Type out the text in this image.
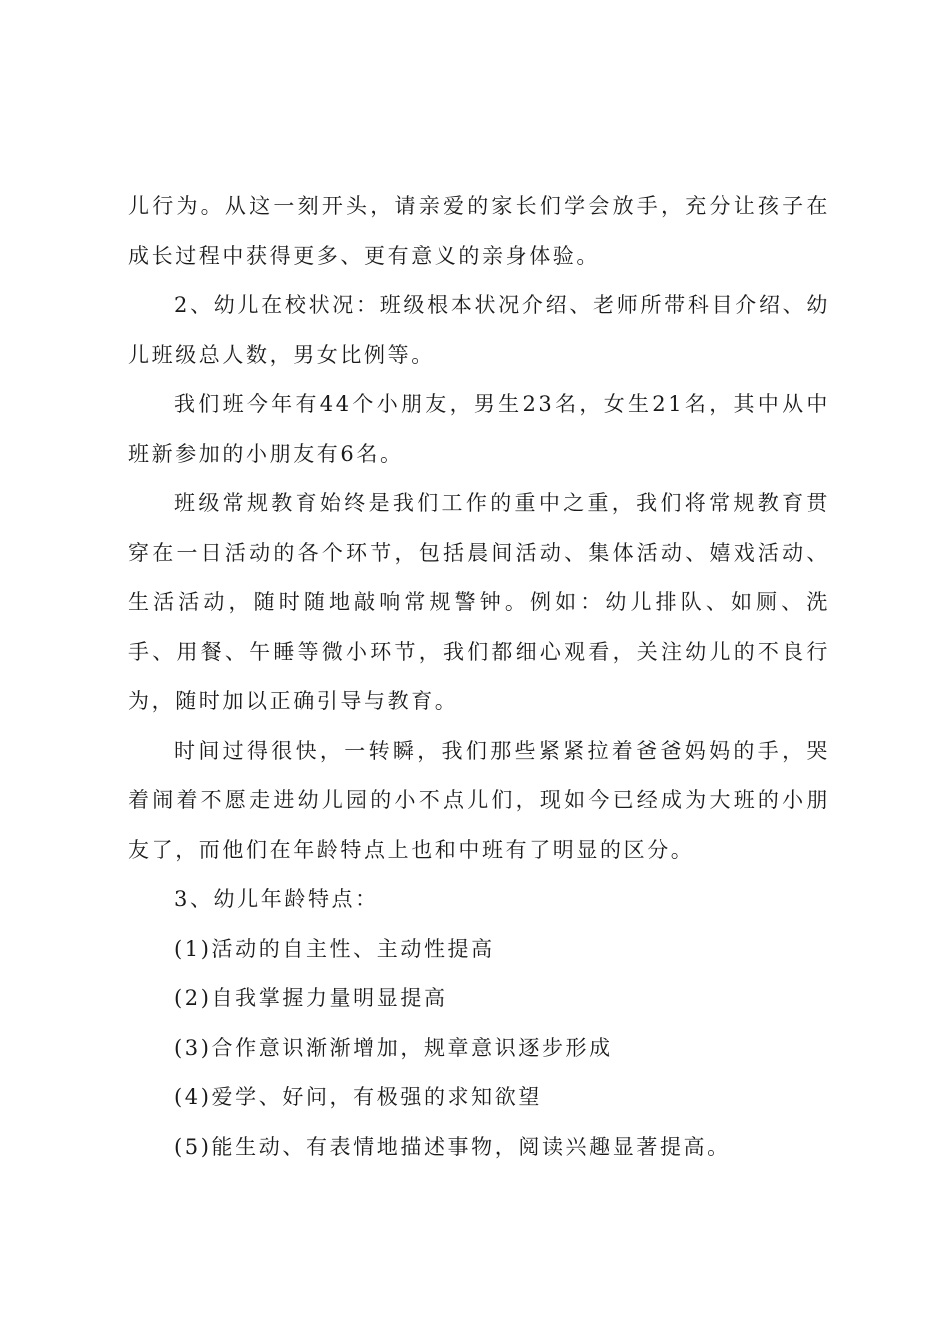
儿行为。从这一刻开头，请亲爱的家长们学会放手，充分让孩子在成长过程中获得更多、更有意义的亲身体验。

2、幼儿在校状况：班级根本状况介绍、老师所带科目介绍、幼儿班级总人数，男女比例等。

我们班今年有44个小朋友，男生23名，女生21名，其中从中班新参加的小朋友有6名。

班级常规教育始终是我们工作的重中之重，我们将常规教育贯穿在一日活动的各个环节，包括晨间活动、集体活动、嬉戏活动、生活活动，随时随地敲响常规警钟。例如：幼儿排队、如厕、洗手、用餐、午睡等微小环节，我们都细心观看，关注幼儿的不良行为，随时加以正确引导与教育。

时间过得很快，一转瞬，我们那些紧紧拉着爸爸妈妈的手，哭着闹着不愿走进幼儿园的小不点儿们，现如今已经成为大班的小朋友了，而他们在年龄特点上也和中班有了明显的区分。

3、幼儿年龄特点：

(1)活动的自主性、主动性提高
(2)自我掌握力量明显提高
(3)合作意识渐渐增加，规章意识逐步形成
(4)爱学、好问，有极强的求知欲望
(5)能生动、有表情地描述事物，阅读兴趣显著提高。
